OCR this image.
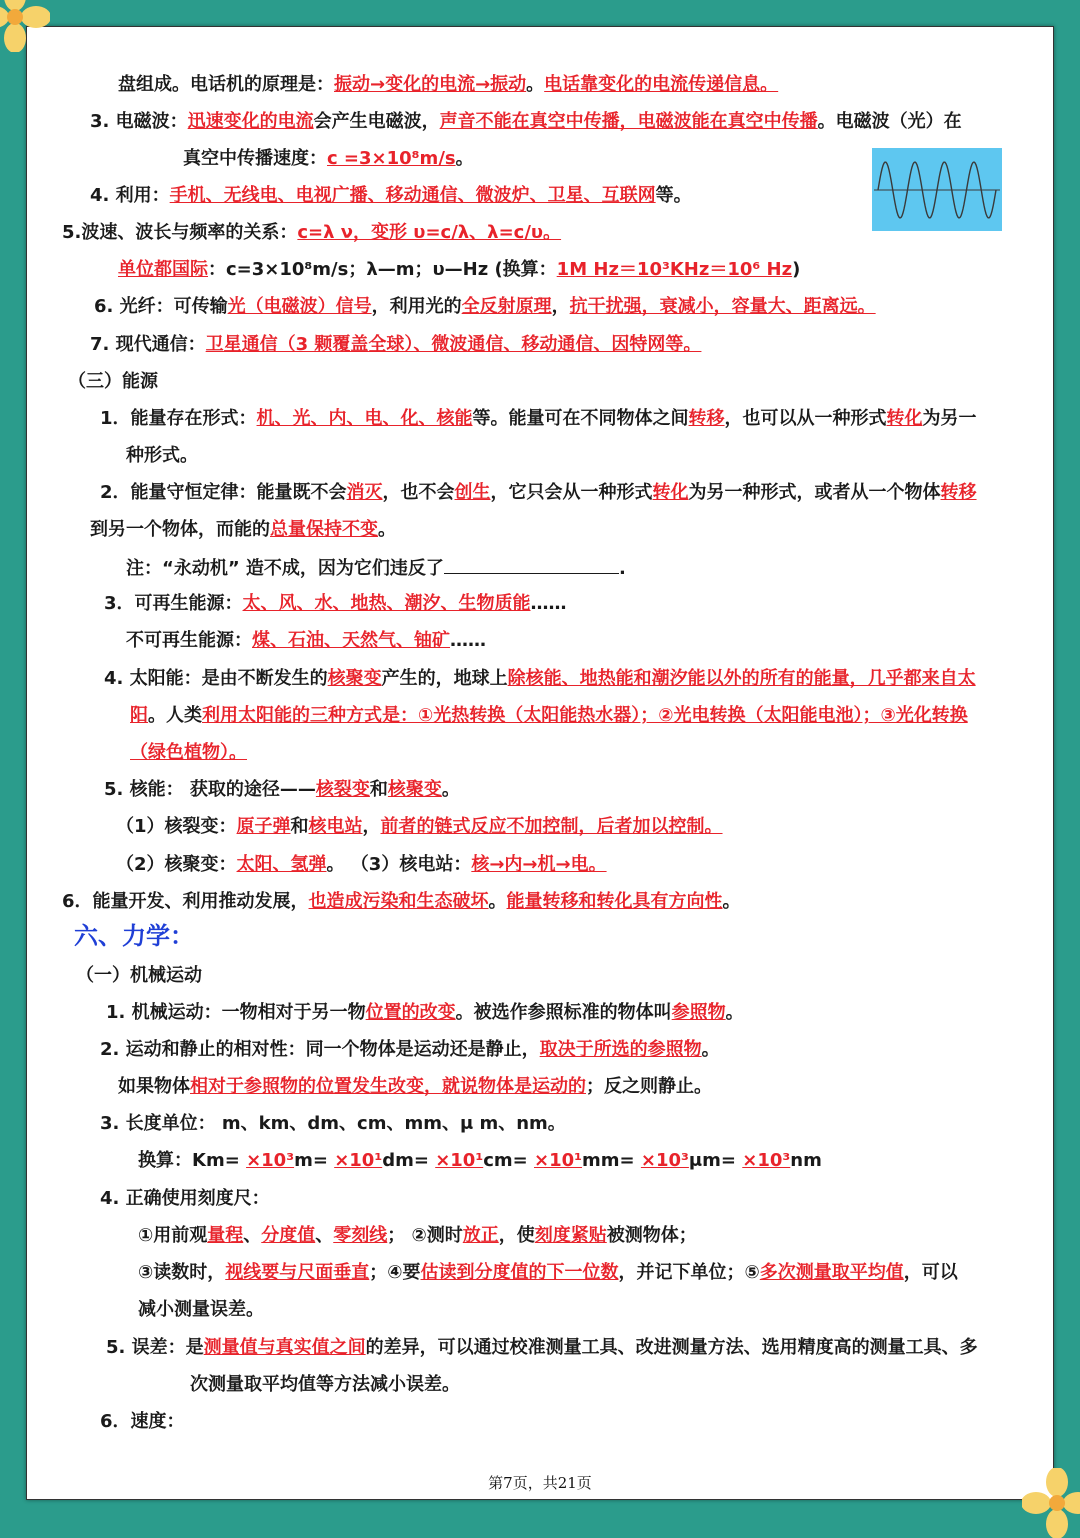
盘组成。电话机的原理是：振动→变化的电流→振动。电话靠变化的电流传递信息。
3. 电磁波：迅速变化的电流会产生电磁波，声音不能在真空中传播，电磁波能在真空中传播。电磁波（光）在
真空中传播速度：c =3×10⁸m/s。
4. 利用：手机、无线电、电视广播、移动通信、微波炉、卫星、互联网等。
5.波速、波长与频率的关系：c=λ ν，变形 υ=c/λ、λ=c/υ。
单位都国际：c=3×10⁸m/s；λ—m；υ—Hz (换算：1M Hz＝10³KHz＝10⁶ Hz)
6. 光纤：可传输光（电磁波）信号，利用光的全反射原理，抗干扰强，衰减小，容量大、距离远。
7. 现代通信：卫星通信（3 颗覆盖全球）、微波通信、移动通信、因特网等。
（三）能源
1．能量存在形式：机、光、内、电、化、核能等。能量可在不同物体之间转移，也可以从一种形式转化为另一
种形式。
2．能量守恒定律：能量既不会消灭，也不会创生，它只会从一种形式转化为另一种形式，或者从一个物体转移
到另一个物体，而能的总量保持不变。
注：“永动机” 造不成，因为它们违反了	.
3．可再生能源：太、风、水、地热、潮汐、生物质能……
不可再生能源：煤、石油、天然气、铀矿……
4. 太阳能：是由不断发生的核聚变产生的，地球上除核能、地热能和潮汐能以外的所有的能量，几乎都来自太
阳。人类利用太阳能的三种方式是：①光热转换（太阳能热水器）；②光电转换（太阳能电池）；③光化转换
（绿色植物）。
5. 核能： 获取的途径——核裂变和核聚变。
（1）核裂变：原子弹和核电站，前者的链式反应不加控制，后者加以控制。
（2）核聚变：太阳、氢弹。 （3）核电站：核→内→机→电。
6．能量开发、利用推动发展，也造成污染和生态破坏。能量转移和转化具有方向性。
六、力学：
（一）机械运动
1. 机械运动：一物相对于另一物位置的改变。被选作参照标准的物体叫参照物。
2. 运动和静止的相对性：同一个物体是运动还是静止，取决于所选的参照物。
如果物体相对于参照物的位置发生改变，就说物体是运动的；反之则静止。
3. 长度单位： m、km、dm、cm、mm、μ m、nm。
换算：Km= ×10³m= ×10¹dm= ×10¹cm= ×10¹mm= ×10³μm= ×10³nm
4. 正确使用刻度尺：
①用前观量程、分度值、零刻线； ②测时放正，使刻度紧贴被测物体；
③读数时，视线要与尺面垂直；④要估读到分度值的下一位数，并记下单位；⑤多次测量取平均值，可以
减小测量误差。
5. 误差：是测量值与真实值之间的差异，可以通过校准测量工具、改进测量方法、选用精度高的测量工具、多
次测量取平均值等方法减小误差。
6．速度：
第7页，共21页
